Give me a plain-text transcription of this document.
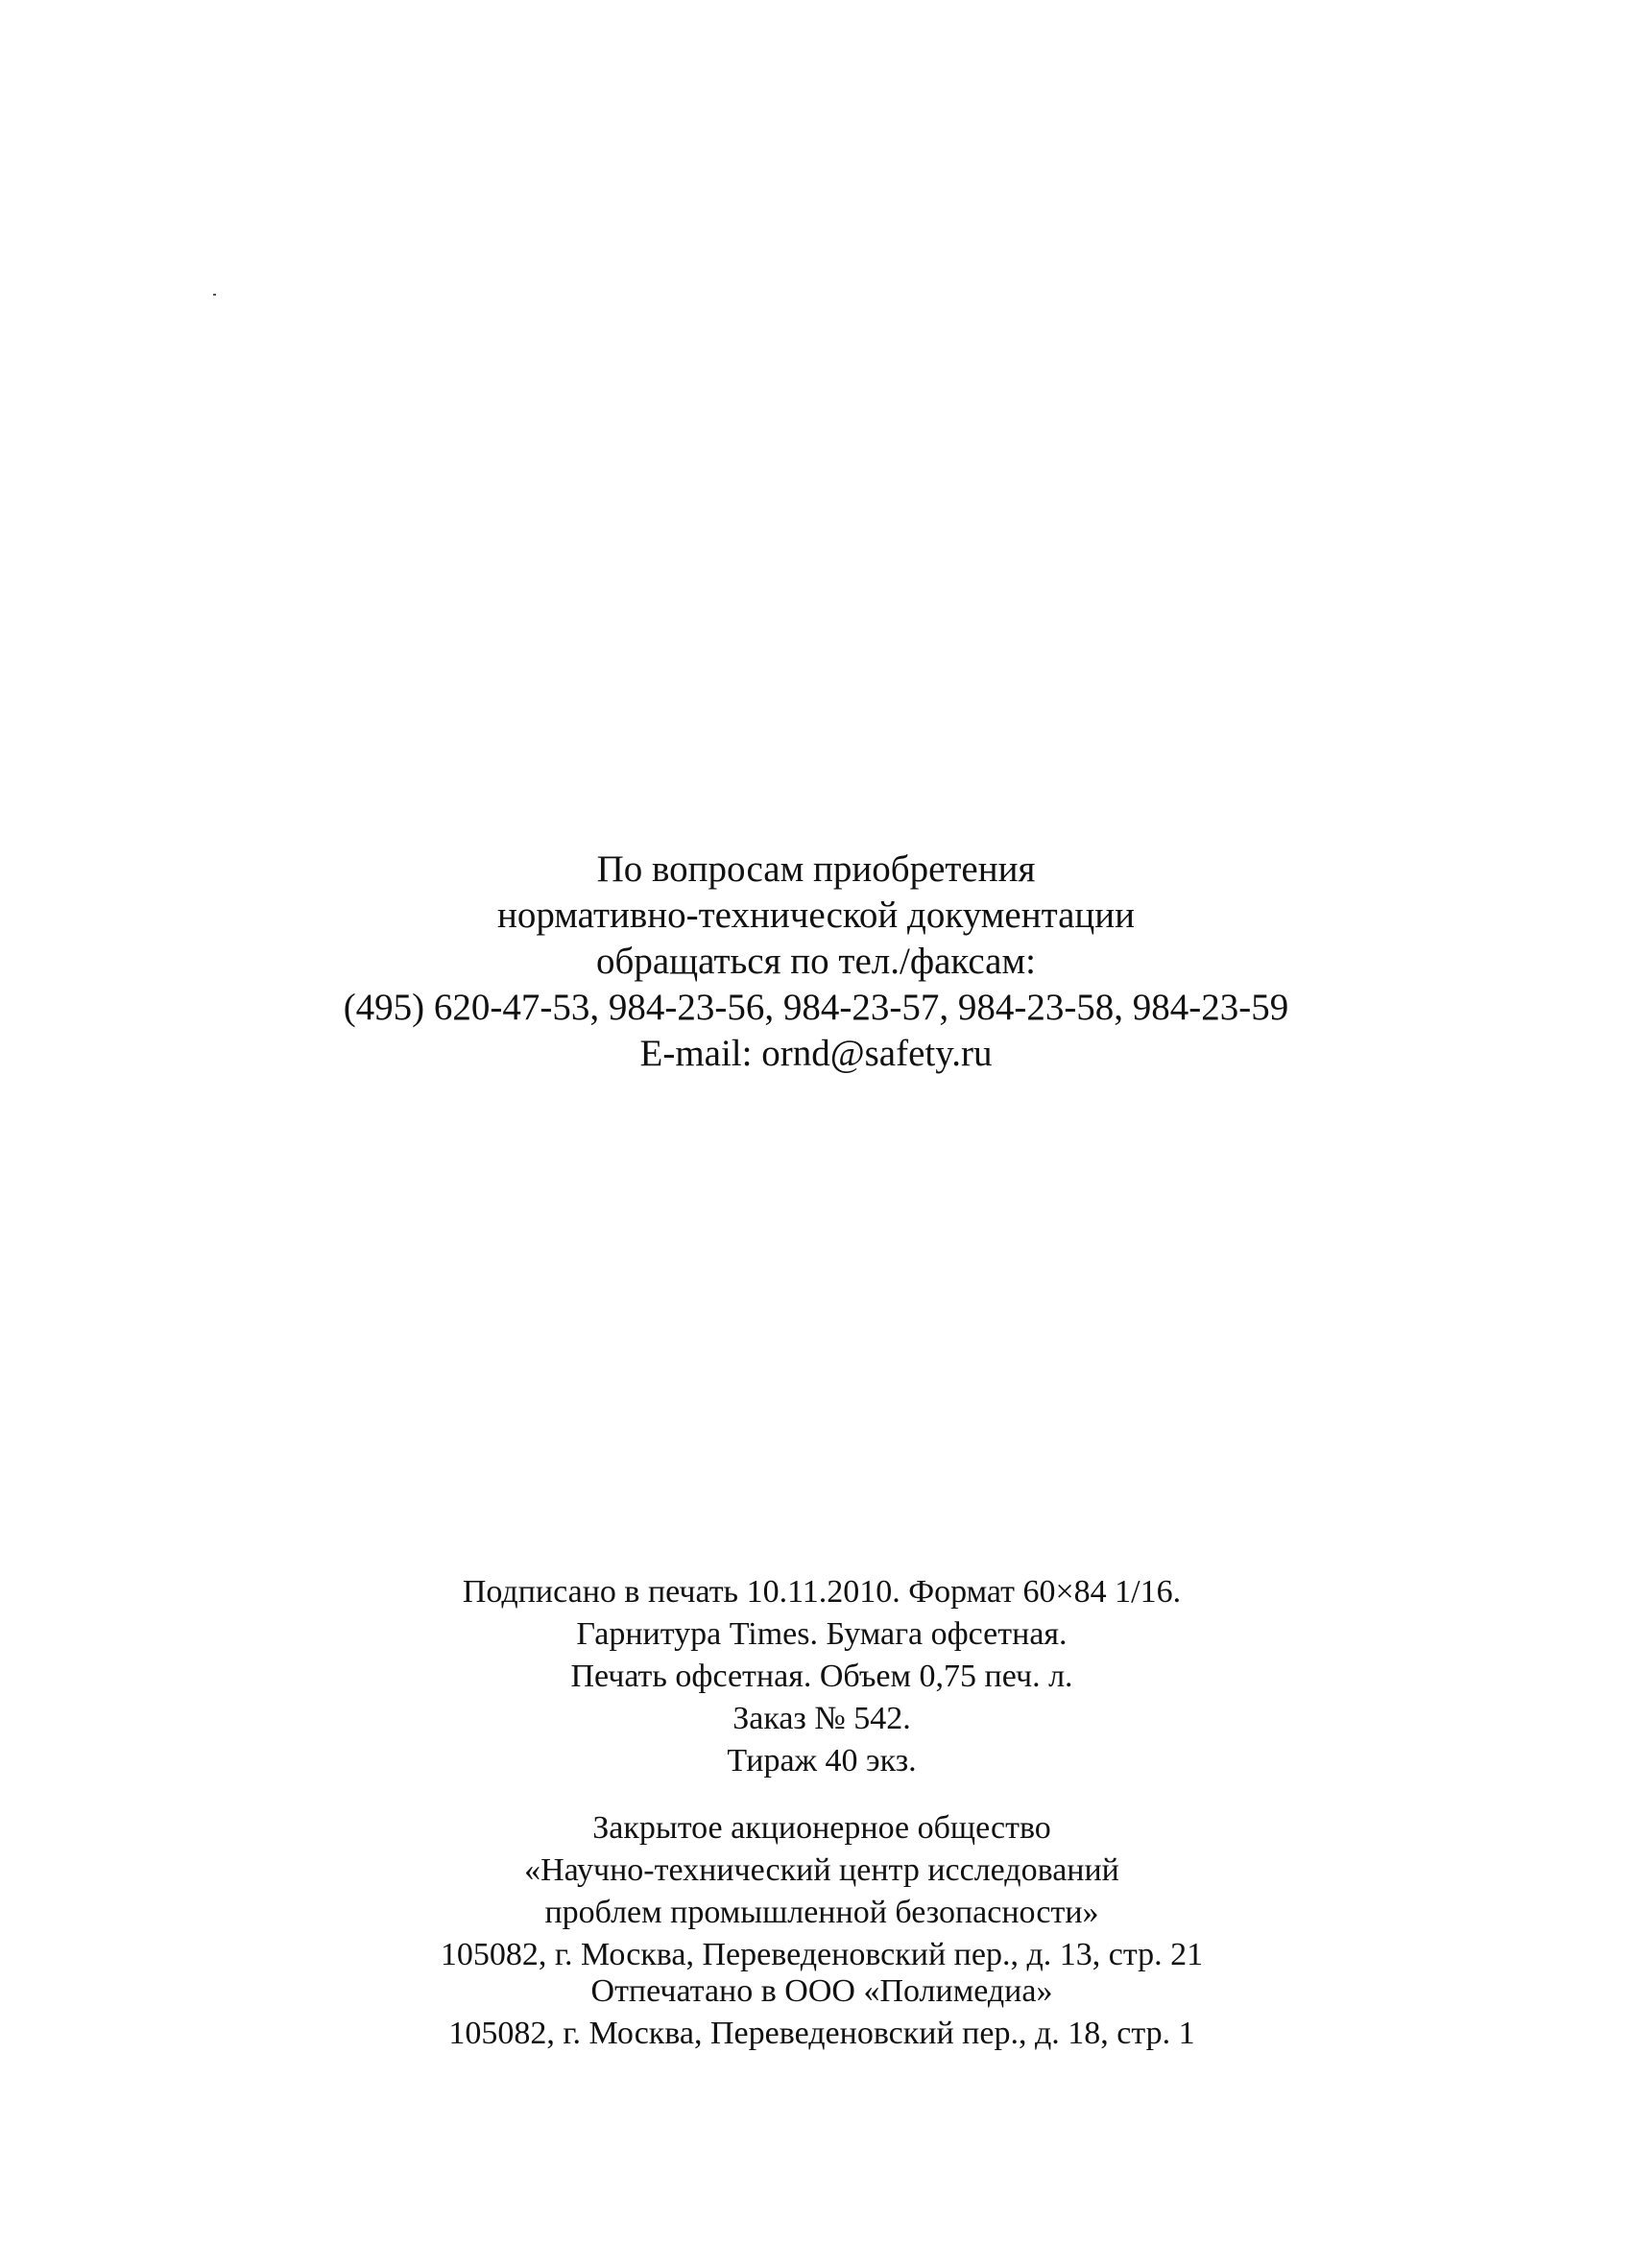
По вопросам приобретения
нормативно-технической документации
обращаться по тел./факсам:
(495) 620-47-53, 984-23-56, 984-23-57, 984-23-58, 984-23-59
E-mail: ornd@safety.ru
Подписано в печать 10.11.2010. Формат 60×84 1/16.
Гарнитура Times. Бумага офсетная.
Печать офсетная. Объем 0,75 печ. л.
Заказ № 542.
Тираж 40 экз.
Закрытое акционерное общество
«Научно-технический центр исследований
проблем промышленной безопасности»
105082, г. Москва, Переведеновский пер., д. 13, стр. 21
Отпечатано в ООО «Полимедиа»
105082, г. Москва, Переведеновский пер., д. 18, стр. 1
